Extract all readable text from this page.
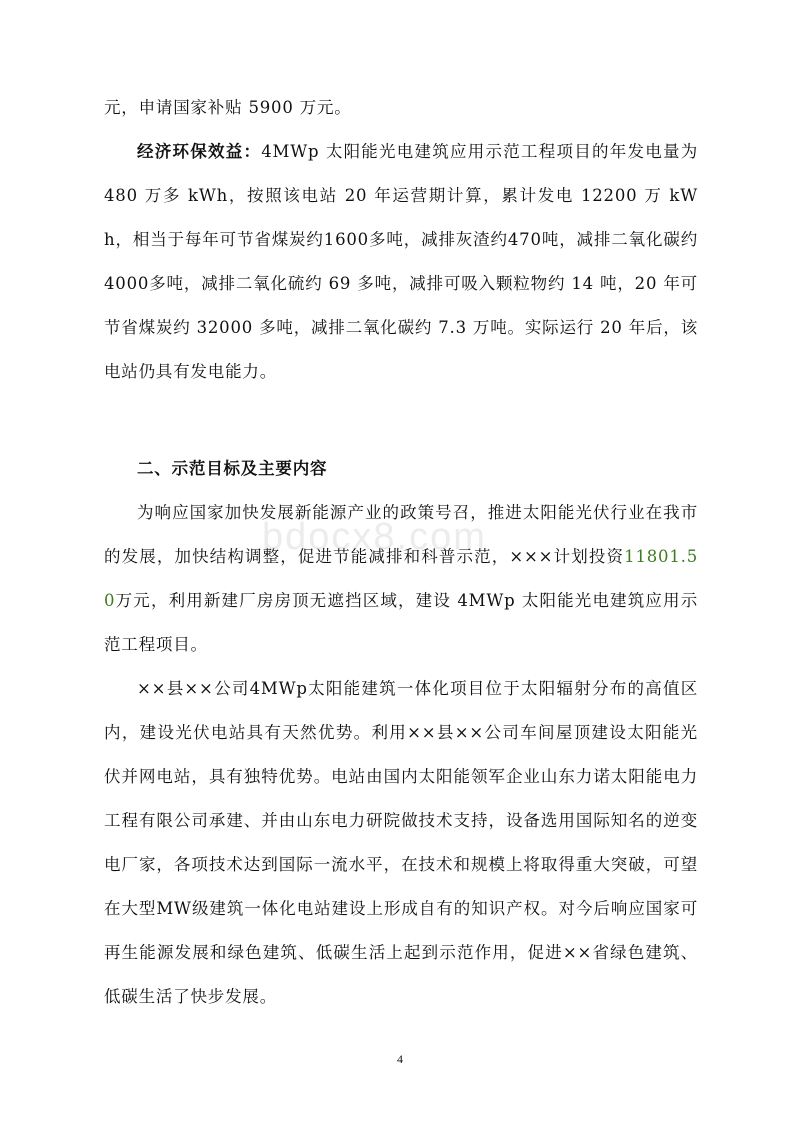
元，申请国家补贴 5900 万元。

经济环保效益：4MWp 太阳能光电建筑应用示范工程项目的年发电量为 480 万多 kWh，按照该电站 20 年运营期计算，累计发电 12200 万 kWh，相当于每年可节省煤炭约1600多吨，减排灰渣约470吨，减排二氧化碳约4000多吨，减排二氧化硫约 69 多吨，减排可吸入颗粒物约 14 吨，20 年可节省煤炭约 32000 多吨，减排二氧化碳约 7.3 万吨。实际运行 20 年后，该电站仍具有发电能力。

二、示范目标及主要内容

为响应国家加快发展新能源产业的政策号召，推进太阳能光伏行业在我市的发展，加快结构调整，促进节能减排和科普示范，×××计划投资11801.50万元，利用新建厂房房顶无遮挡区域，建设 4MWp 太阳能光电建筑应用示范工程项目。

××县××公司4MWp太阳能建筑一体化项目位于太阳辐射分布的高值区内，建设光伏电站具有天然优势。利用××县××公司车间屋顶建设太阳能光伏并网电站，具有独特优势。电站由国内太阳能领军企业山东力诺太阳能电力工程有限公司承建、并由山东电力研院做技术支持，设备选用国际知名的逆变电厂家，各项技术达到国际一流水平，在技术和规模上将取得重大突破，可望在大型MW级建筑一体化电站建设上形成自有的知识产权。对今后响应国家可再生能源发展和绿色建筑、低碳生活上起到示范作用，促进××省绿色建筑、低碳生活了快步发展。

bdocx8.com
4
